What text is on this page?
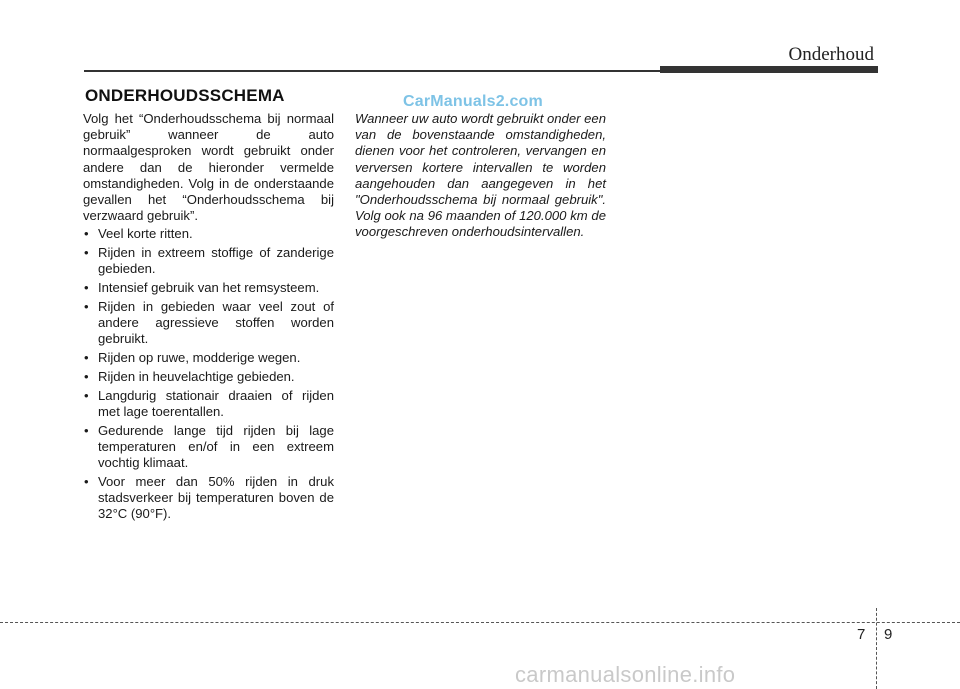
Onderhoud
ONDERHOUDSSCHEMA	CarManuals2.com

Volg het “Onderhoudsschema bij normaal gebruik” wanneer de auto normaalgesproken wordt gebruikt onder andere dan de hieronder vermelde omstandigheden. Volg in de onderstaande gevallen het “Onderhoudsschema bij verzwaard gebruik”.

• Veel korte ritten.
• Rijden in extreem stoffige of zanderige gebieden.
• Intensief gebruik van het remsysteem.
• Rijden in gebieden waar veel zout of andere agressieve stoffen worden gebruikt.
• Rijden op ruwe, modderige wegen.
• Rijden in heuvelachtige gebieden.
• Langdurig stationair draaien of rijden met lage toerentallen.
• Gedurende lange tijd rijden bij lage temperaturen en/of in een extreem vochtig klimaat.
• Voor meer dan 50% rijden in druk stadsverkeer bij temperaturen boven de 32°C (90°F).

Wanneer uw auto wordt gebruikt onder een van de bovenstaande omstandigheden, dienen voor het controleren, vervangen en verversen kortere intervallen te worden aangehouden dan aangegeven in het "Onderhoudsschema bij normaal gebruik". Volg ook na 96 maanden of 120.000 km de voorgeschreven onderhoudsintervallen.

7 9
carmanualsonline.info
